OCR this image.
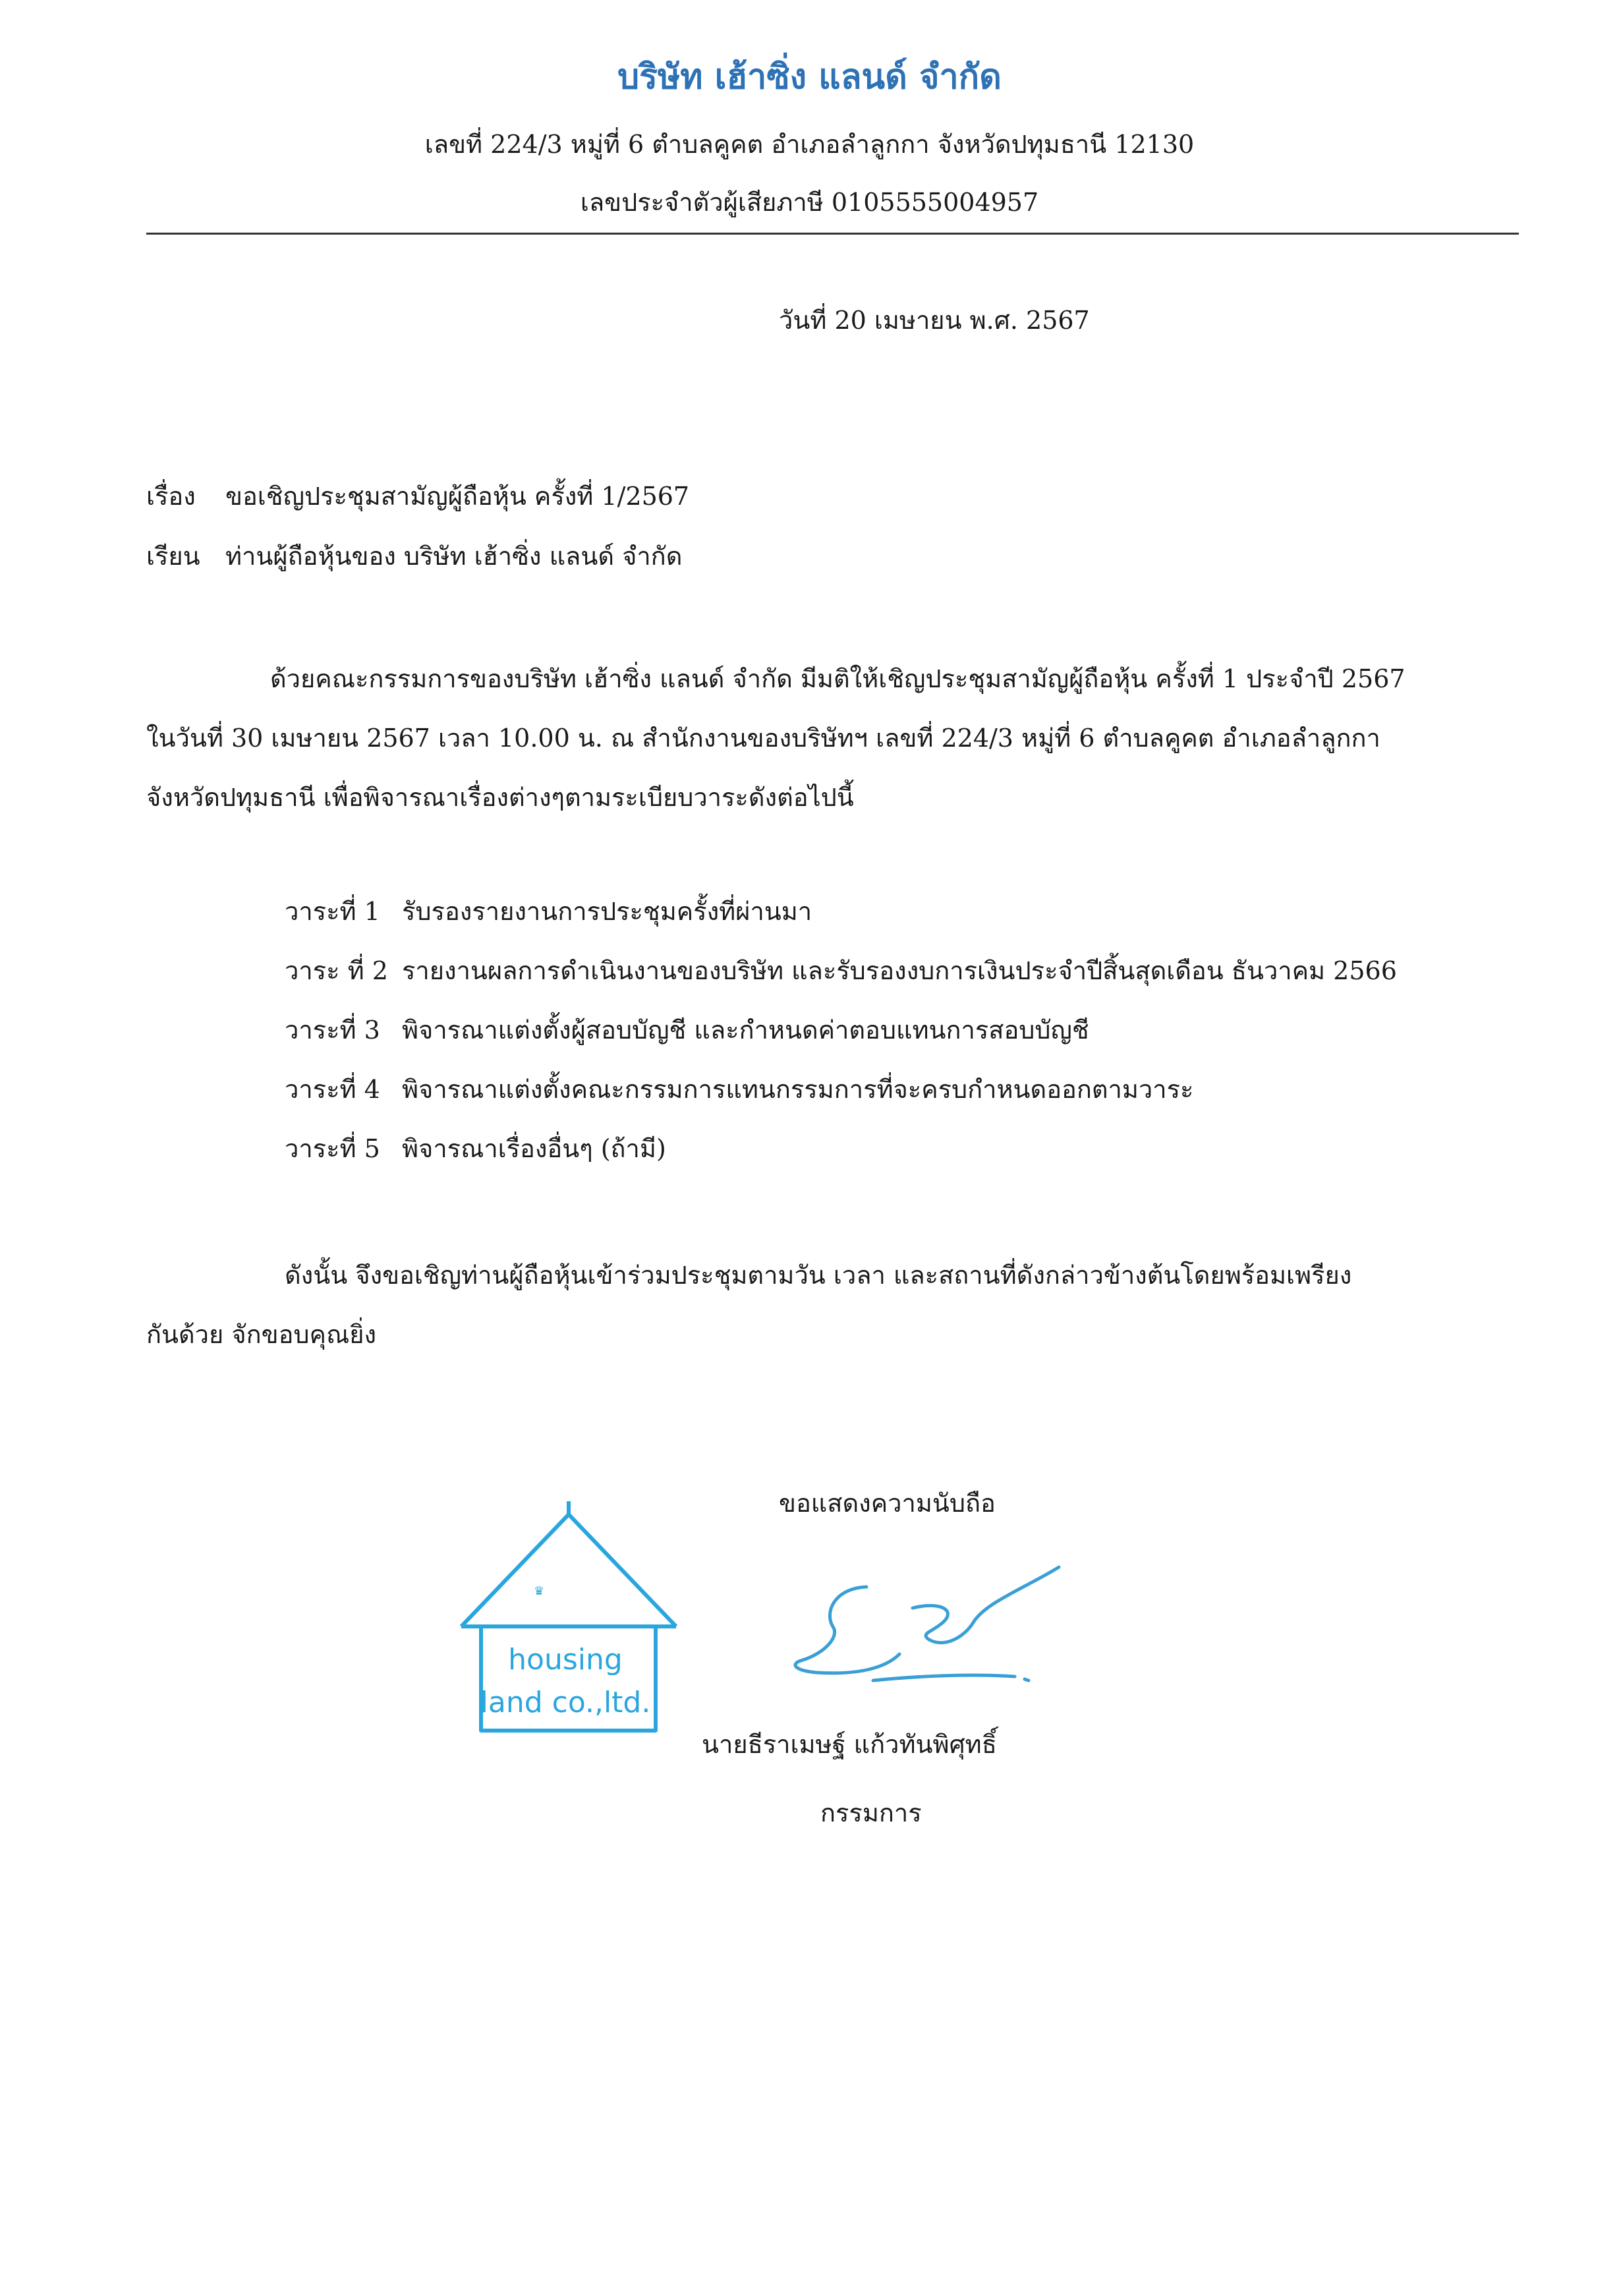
บริษัท เฮ้าซิ่ง แลนด์ จำกัด
เลขที่ 224/3 หมู่ที่ 6 ตำบลคูคต อำเภอลำลูกกา จังหวัดปทุมธานี 12130
เลขประจำตัวผู้เสียภาษี 0105555004957
วันที่ 20 เมษายน พ.ศ. 2567
เรื่อง ขอเชิญประชุมสามัญผู้ถือหุ้น ครั้งที่ 1/2567
เรียน ท่านผู้ถือหุ้นของ บริษัท เฮ้าซิ่ง แลนด์ จำกัด
ด้วยคณะกรรมการของบริษัท เฮ้าซิ่ง แลนด์ จำกัด มีมติให้เชิญประชุมสามัญผู้ถือหุ้น ครั้งที่ 1 ประจำปี 2567
ในวันที่ 30 เมษายน 2567 เวลา 10.00 น. ณ สำนักงานของบริษัทฯ เลขที่ 224/3 หมู่ที่ 6 ตำบลคูคต อำเภอลำลูกกา
จังหวัดปทุมธานี เพื่อพิจารณาเรื่องต่างๆตามระเบียบวาระดังต่อไปนี้
วาระที่ 1 รับรองรายงานการประชุมครั้งที่ผ่านมา
วาระ ที่ 2 รายงานผลการดำเนินงานของบริษัท และรับรองงบการเงินประจำปีสิ้นสุดเดือน ธันวาคม 2566
วาระที่ 3 พิจารณาแต่งตั้งผู้สอบบัญชี และกำหนดค่าตอบแทนการสอบบัญชี
วาระที่ 4 พิจารณาแต่งตั้งคณะกรรมการแทนกรรมการที่จะครบกำหนดออกตามวาระ
วาระที่ 5 พิจารณาเรื่องอื่นๆ (ถ้ามี)
ดังนั้น จึงขอเชิญท่านผู้ถือหุ้นเข้าร่วมประชุมตามวัน เวลา และสถานที่ดังกล่าวข้างต้นโดยพร้อมเพรียง
กันด้วย จักขอบคุณยิ่ง
ขอแสดงความนับถือ
♛
housing
land co.,ltd.
นายธีราเมษฐ์ แก้วทันพิศุทธิ์
กรรมการ
